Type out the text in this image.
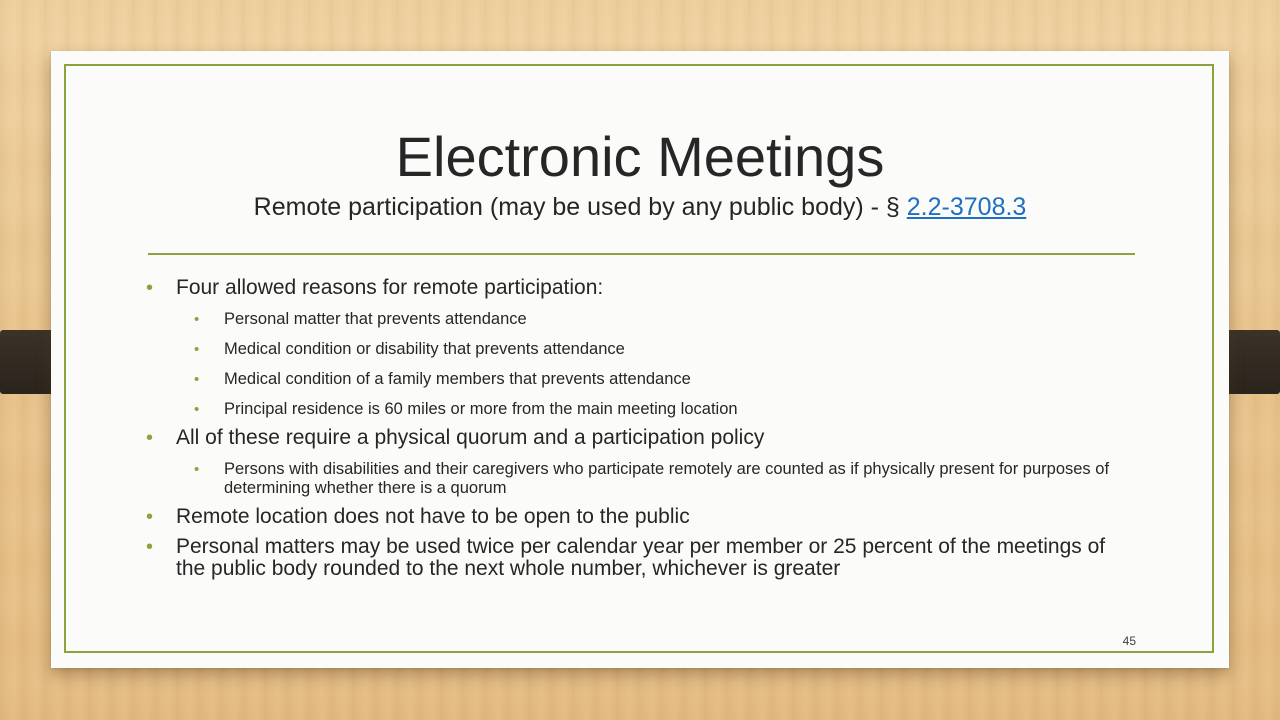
Electronic Meetings
Remote participation (may be used by any public body) - § 2.2-3708.3
• Four allowed reasons for remote participation:
• Personal matter that prevents attendance
• Medical condition or disability that prevents attendance
• Medical condition of a family members that prevents attendance
• Principal residence is 60 miles or more from the main meeting location
• All of these require a physical quorum and a participation policy
• Persons with disabilities and their caregivers who participate remotely are counted as if physically present for purposes of determining whether there is a quorum
• Remote location does not have to be open to the public
• Personal matters may be used twice per calendar year per member or 25 percent of the meetings of the public body rounded to the next whole number, whichever is greater
45
